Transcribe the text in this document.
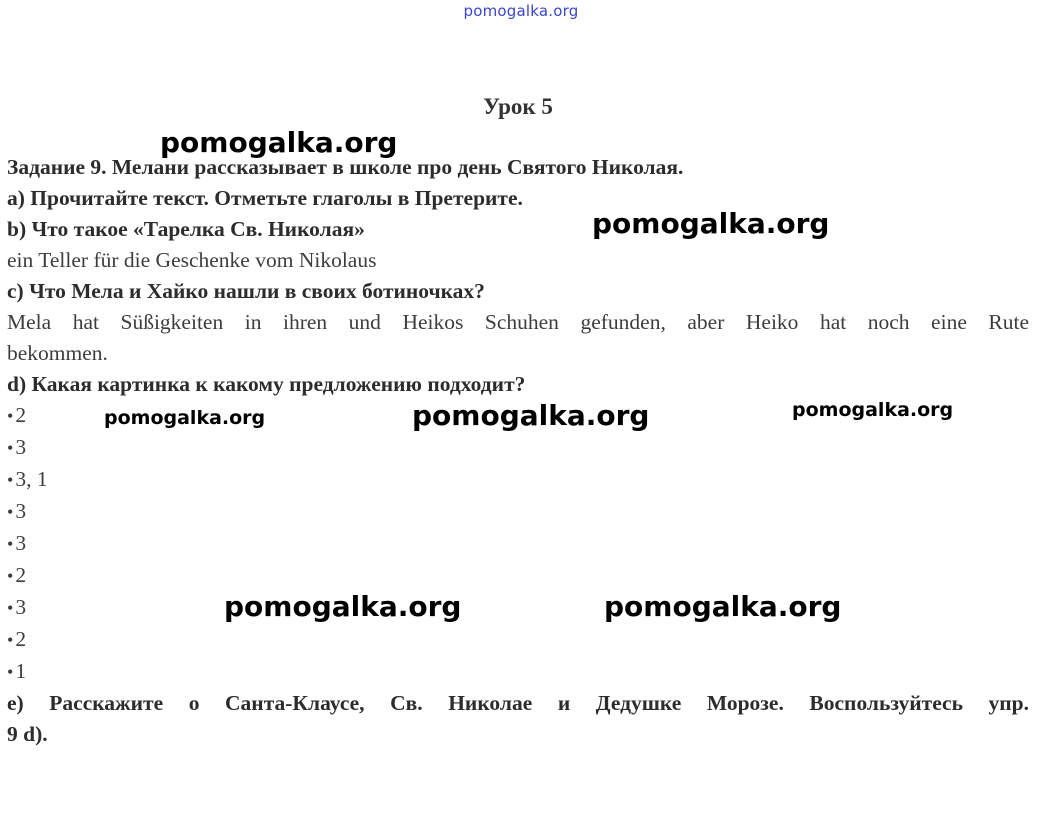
pomogalka.org
Урок 5
Задание 9. Мелани рассказывает в школе про день Святого Николая.
a) Прочитайте текст. Отметьте глаголы в Претерите.
b) Что такое «Тарелка Св. Николая»
ein Teller für die Geschenke vom Nikolaus
c) Что Мела и Хайко нашли в своих ботиночках?
Mela hat Süßigkeiten in ihren und Heikos Schuhen gefunden, aber Heiko hat noch eine Rute
bekommen.
d) Какая картинка к какому предложению подходит?
•2
•3
•3, 1
•3
•3
•2
•3
•2
•1
e) Расскажите о Санта-Клаусе, Св. Николае и Дедушке Морозе. Воспользуйтесь упр.
9 d).
pomogalka.org
pomogalka.org
pomogalka.org	pomogalka.org	pomogalka.org
pomogalka.org	pomogalka.org
